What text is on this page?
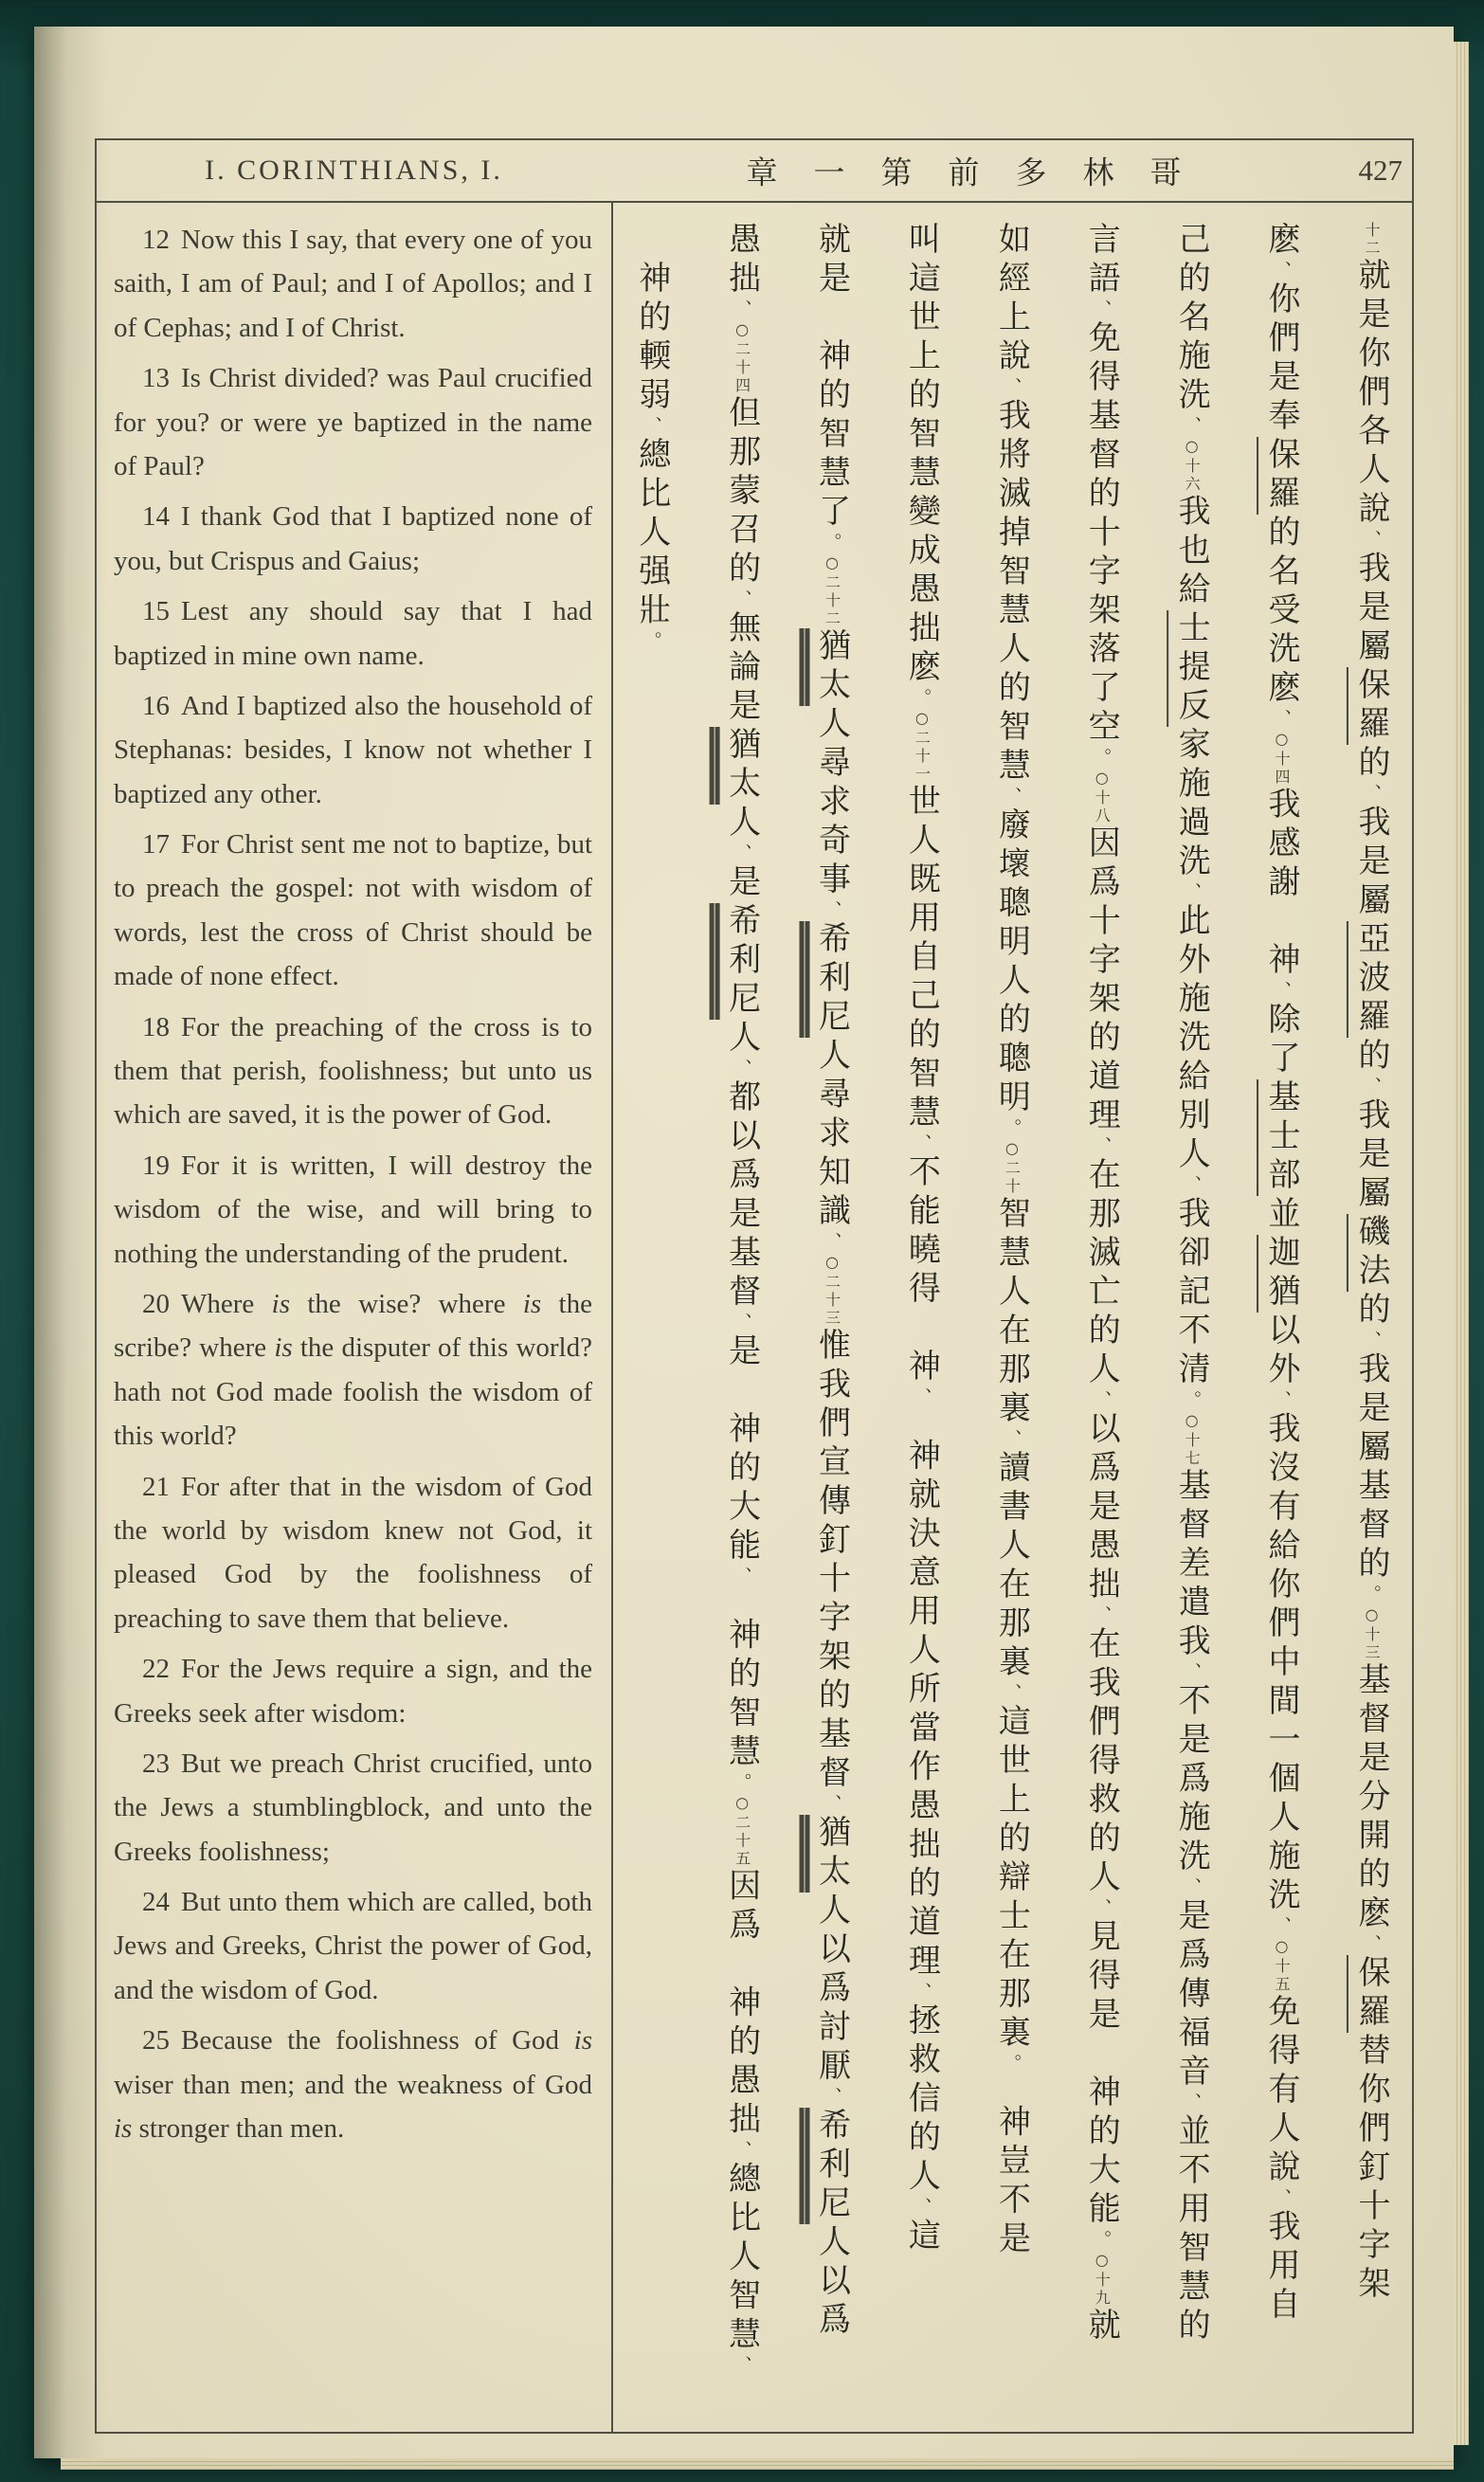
I. CORINTHIANS, I.	章一第前多林哥	427

12 Now this I say, that every one of you saith, I am of Paul; and I of Apollos; and I of Cephas; and I of Christ.

13 Is Christ divided? was Paul crucified for you? or were ye baptized in the name of Paul?

14 I thank God that I baptized none of you, but Crispus and Gaius;

15 Lest any should say that I had baptized in mine own name.

16 And I baptized also the household of Stephanas: besides, I know not whether I baptized any other.

17 For Christ sent me not to baptize, but to preach the gospel: not with wisdom of words, lest the cross of Christ should be made of none effect.

18 For the preaching of the cross is to them that perish, foolishness; but unto us which are saved, it is the power of God.

19 For it is written, I will destroy the wisdom of the wise, and will bring to nothing the understanding of the prudent.

20 Where is the wise? where is the scribe? where is the disputer of this world? hath not God made foolish the wisdom of this world?

21 For after that in the wisdom of God the world by wisdom knew not God, it pleased God by the foolishness of preaching to save them that believe.

22 For the Jews require a sign, and the Greeks seek after wisdom:

23 But we preach Christ crucified, unto the Jews a stumblingblock, and unto the Greeks foolishness;

24 But unto them which are called, both Jews and Greeks, Christ the power of God, and the wisdom of God.

25 Because the foolishness of God is wiser than men; and the weakness of God is stronger than men.

十二就是你們各人說、我是屬保羅的、我是屬亞波羅的、我是屬磯法的、我是屬基督的。○十三基督是分開的麽、保羅替你們釘十字架
麽、你們是奉保羅的名受洗麽、○十四我感謝　神、除了基士部並迦猶以外、我沒有給你們中間一個人施洗、○十五免得有人說、我用自
己的名施洗、○十六我也給士提反家施過洗、此外施洗給別人、我卻記不清。○十七基督差遣我、不是爲施洗、是爲傳福音、並不用智慧的
言語、免得基督的十字架落了空。○十八因爲十字架的道理、在那滅亡的人、以爲是愚拙、在我們得救的人、見得是　神的大能。○十九就
如經上說、我將滅掉智慧人的智慧、廢壞聰明人的聰明。○二十智慧人在那裏、讀書人在那裏、這世上的辯士在那裏。　神豈不是
叫這世上的智慧變成愚拙麽。○二十一世人既用自己的智慧、不能曉得　神、　神就決意用人所當作愚拙的道理、拯救信的人、這
就是　神的智慧了。○二十二猶太人尋求奇事、希利尼人尋求知識、○二十三惟我們宣傳釘十字架的基督、猶太人以爲討厭、希利尼人以爲
愚拙、○二十四但那蒙召的、無論是猶太人、是希利尼人、都以爲是基督、是　神的大能、　神的智慧。○二十五因爲　神的愚拙、總比人智慧、
　神的輭弱、總比人强壯。
